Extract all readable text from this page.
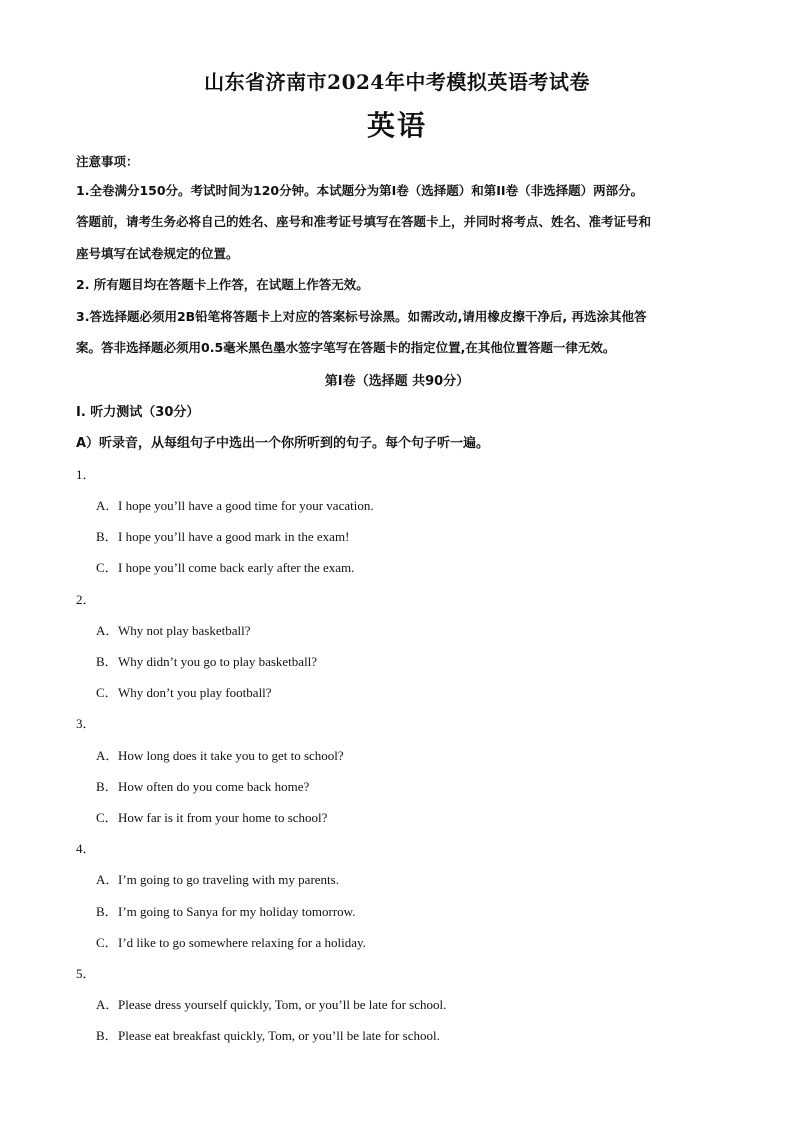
山东省济南市2024年中考模拟英语考试卷
英语
注意事项：
1.全卷满分150分。考试时间为120分钟。本试题分为第Ⅰ卷（选择题）和第II卷（非选择题）两部分。
答题前，请考生务必将自己的姓名、座号和准考证号填写在答题卡上，并同时将考点、姓名、准考证号和
座号填写在试卷规定的位置。
2. 所有题目均在答题卡上作答，在试题上作答无效。
3.答选择题必须用2B铅笔将答题卡上对应的答案标号涂黑。如需改动,请用橡皮擦干净后, 再选涂其他答
案。答非选择题必须用0.5毫米黑色墨水签字笔写在答题卡的指定位置,在其他位置答题一律无效。
第Ⅰ卷（选择题 共90分）
Ⅰ. 听力测试（30分）
A）听录音，从每组句子中选出一个你所听到的句子。每个句子听一遍。
1．
A．I hope you’ll have a good time for your vacation.
B．I hope you’ll have a good mark in the exam!
C．I hope you’ll come back early after the exam.
2．
A．Why not play basketball?
B．Why didn’t you go to play basketball?
C．Why don’t you play football?
3．
A．How long does it take you to get to school?
B．How often do you come back home?
C．How far is it from your home to school?
4．
A．I’m going to go traveling with my parents.
B．I’m going to Sanya for my holiday tomorrow.
C．I’d like to go somewhere relaxing for a holiday.
5．
A．Please dress yourself quickly, Tom, or you’ll be late for school.
B．Please eat breakfast quickly, Tom, or you’ll be late for school.
